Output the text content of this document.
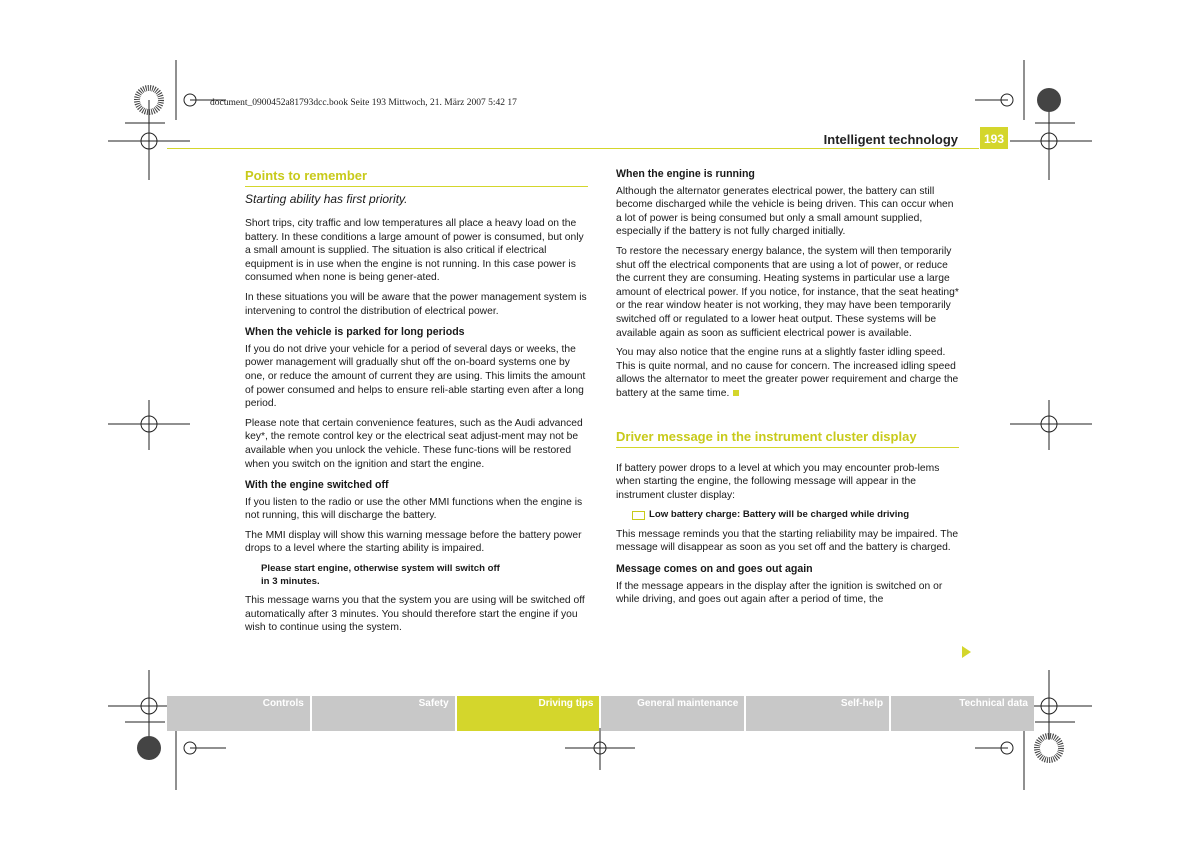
document_0900452a81793dcc.book Seite 193 Mittwoch, 21. März 2007 5:42 17
Intelligent technology 193
Points to remember
Starting ability has first priority.

Short trips, city traffic and low temperatures all place a heavy load on the battery. In these conditions a large amount of power is consumed, but only a small amount is supplied. The situation is also critical if electrical equipment is in use when the engine is not running. In this case power is consumed when none is being gener-ated.

In these situations you will be aware that the power management system is intervening to control the distribution of electrical power.

When the vehicle is parked for long periods

If you do not drive your vehicle for a period of several days or weeks, the power management will gradually shut off the on-board systems one by one, or reduce the amount of current they are using. This limits the amount of power consumed and helps to ensure reli-able starting even after a long period.

Please note that certain convenience features, such as the Audi advanced key*, the remote control key or the electrical seat adjust-ment may not be available when you unlock the vehicle. These func-tions will be restored when you switch on the ignition and start the engine.

With the engine switched off

If you listen to the radio or use the other MMI functions when the engine is not running, this will discharge the battery.

The MMI display will show this warning message before the battery power drops to a level where the starting ability is impaired.

Please start engine, otherwise system will switch off
in 3 minutes.

This message warns you that the system you are using will be switched off automatically after 3 minutes. You should therefore start the engine if you wish to continue using the system.

When the engine is running

Although the alternator generates electrical power, the battery can still become discharged while the vehicle is being driven. This can occur when a lot of power is being consumed but only a small amount supplied, especially if the battery is not fully charged initially.

To restore the necessary energy balance, the system will then temporarily shut off the electrical components that are using a lot of power, or reduce the current they are consuming. Heating systems in particular use a large amount of electrical power. If you notice, for instance, that the seat heating* or the rear window heater is not working, they may have been temporarily switched off or regulated to a lower heat output. These systems will be available again as soon as sufficient electrical power is available.

You may also notice that the engine runs at a slightly faster idling speed. This is quite normal, and no cause for concern. The increased idling speed allows the alternator to meet the greater power requirement and charge the battery at the same time.

Driver message in the instrument cluster display

If battery power drops to a level at which you may encounter prob-lems when starting the engine, the following message will appear in the instrument cluster display:

Low battery charge: Battery will be charged while driving

This message reminds you that the starting reliability may be impaired. The message will disappear as soon as you set off and the battery is charged.

Message comes on and goes out again

If the message appears in the display after the ignition is switched on or while driving, and goes out again after a period of time, the

Controls	Safety	Driving tips	General maintenance	Self-help	Technical data
